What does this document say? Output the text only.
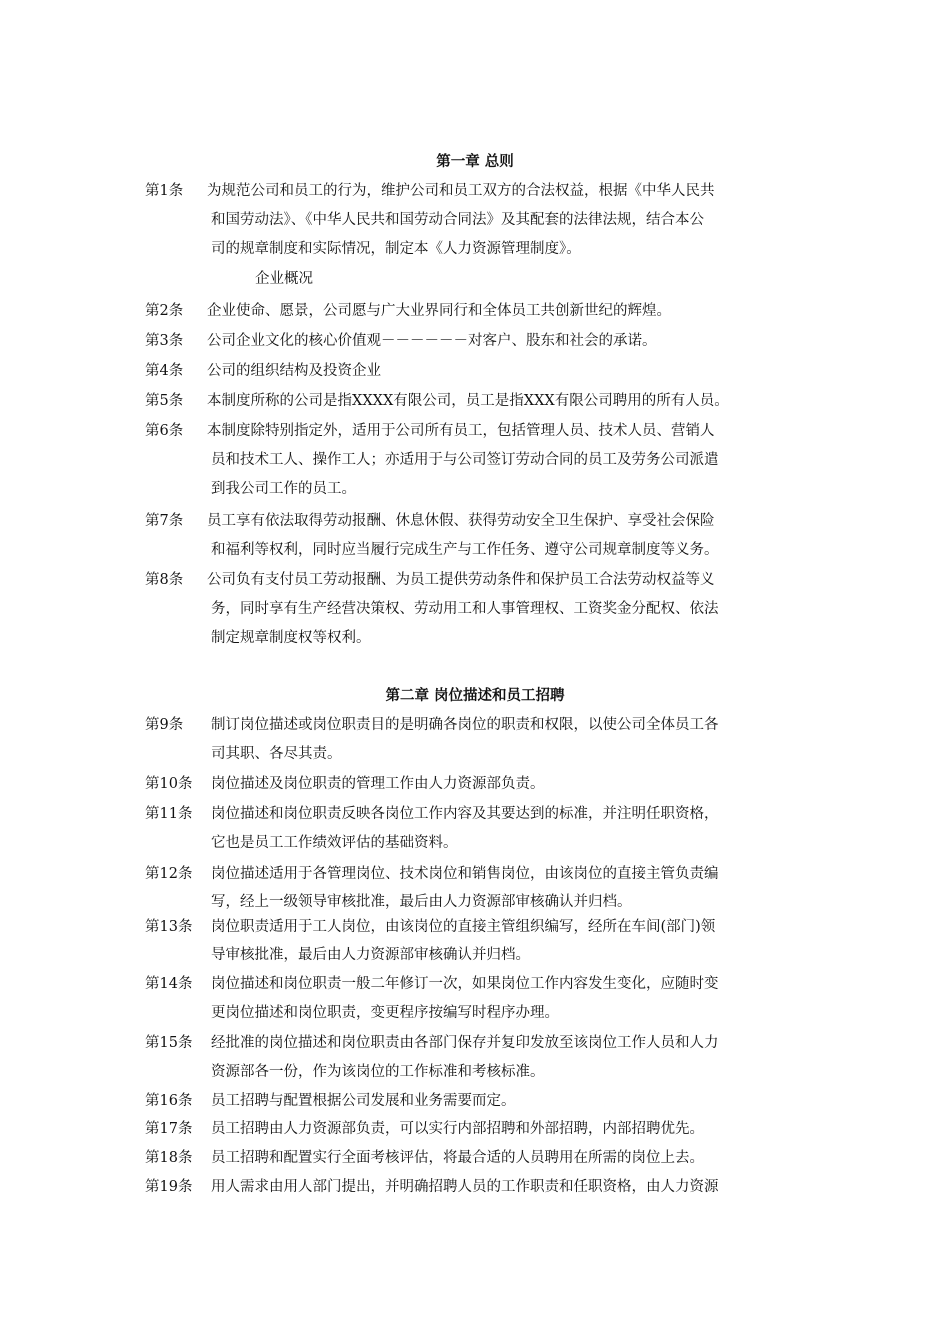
第一章 总则
企业概况
第1条 为规范公司和员工的行为，维护公司和员工双方的合法权益，根据《中华人民共
和国劳动法》、《中华人民共和国劳动合同法》及其配套的法律法规，结合本公
司的规章制度和实际情况，制定本《人力资源管理制度》。
第2条 企业使命、愿景，公司愿与广大业界同行和全体员工共创新世纪的辉煌。
第3条 公司企业文化的核心价值观－－－－－－对客户、股东和社会的承诺。
第4条 公司的组织结构及投资企业
第5条 本制度所称的公司是指XXXX有限公司，员工是指XXX有限公司聘用的所有人员。
第6条 本制度除特别指定外，适用于公司所有员工，包括管理人员、技术人员、营销人
员和技术工人、操作工人；亦适用于与公司签订劳动合同的员工及劳务公司派遣
到我公司工作的员工。
第7条 员工享有依法取得劳动报酬、休息休假、获得劳动安全卫生保护、享受社会保险
和福利等权利，同时应当履行完成生产与工作任务、遵守公司规章制度等义务。
第8条 公司负有支付员工劳动报酬、为员工提供劳动条件和保护员工合法劳动权益等义
务，同时享有生产经营决策权、劳动用工和人事管理权、工资奖金分配权、依法
制定规章制度权等权利。
第二章 岗位描述和员工招聘
第9条 制订岗位描述或岗位职责目的是明确各岗位的职责和权限，以使公司全体员工各
司其职、各尽其责。
第10条 岗位描述及岗位职责的管理工作由人力资源部负责。
第11条 岗位描述和岗位职责反映各岗位工作内容及其要达到的标准，并注明任职资格，
它也是员工工作绩效评估的基础资料。
第12条 岗位描述适用于各管理岗位、技术岗位和销售岗位，由该岗位的直接主管负责编
写，经上一级领导审核批准，最后由人力资源部审核确认并归档。
第13条 岗位职责适用于工人岗位，由该岗位的直接主管组织编写，经所在车间(部门)领
导审核批准，最后由人力资源部审核确认并归档。
第14条 岗位描述和岗位职责一般二年修订一次，如果岗位工作内容发生变化，应随时变
更岗位描述和岗位职责，变更程序按编写时程序办理。
第15条 经批准的岗位描述和岗位职责由各部门保存并复印发放至该岗位工作人员和人力
资源部各一份，作为该岗位的工作标准和考核标准。
第16条 员工招聘与配置根据公司发展和业务需要而定。
第17条 员工招聘由人力资源部负责，可以实行内部招聘和外部招聘，内部招聘优先。
第18条 员工招聘和配置实行全面考核评估，将最合适的人员聘用在所需的岗位上去。
第19条 用人需求由用人部门提出，并明确招聘人员的工作职责和任职资格，由人力资源
